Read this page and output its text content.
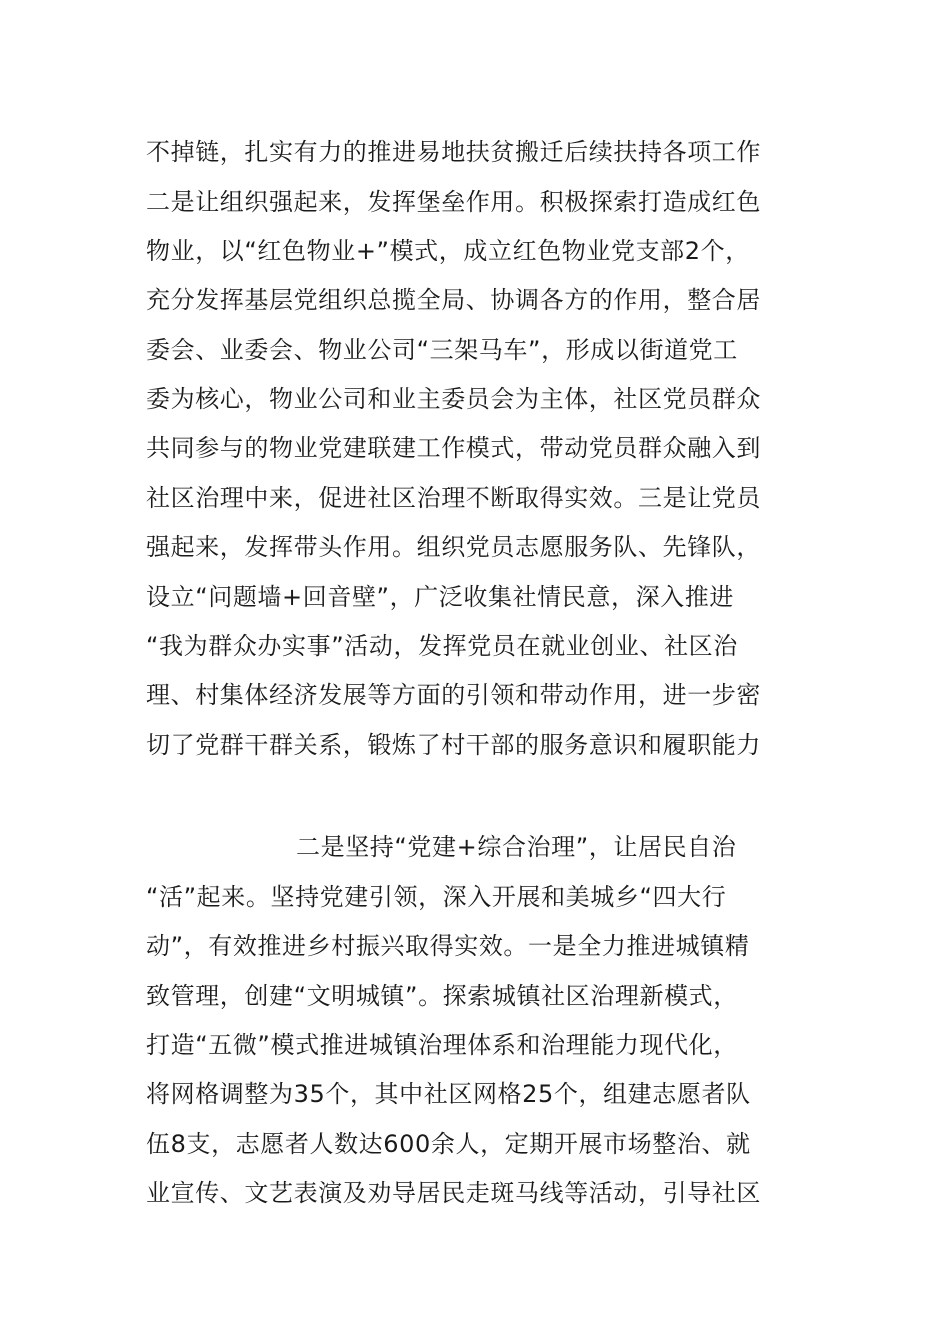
不掉链，扎实有力的推进易地扶贫搬迁后续扶持各项工作
二是让组织强起来，发挥堡垒作用。积极探索打造成红色
物业，以“红色物业+”模式，成立红色物业党支部2个，
充分发挥基层党组织总揽全局、协调各方的作用，整合居
委会、业委会、物业公司“三架马车”，形成以街道党工
委为核心，物业公司和业主委员会为主体，社区党员群众
共同参与的物业党建联建工作模式，带动党员群众融入到
社区治理中来，促进社区治理不断取得实效。三是让党员
强起来，发挥带头作用。组织党员志愿服务队、先锋队，
设立“问题墙+回音壁”，广泛收集社情民意，深入推进
“我为群众办实事”活动，发挥党员在就业创业、社区治
理、村集体经济发展等方面的引领和带动作用，进一步密
切了党群干群关系，锻炼了村干部的服务意识和履职能力
二是坚持“党建+综合治理”，让居民自治
“活”起来。坚持党建引领，深入开展和美城乡“四大行
动”，有效推进乡村振兴取得实效。一是全力推进城镇精
致管理，创建“文明城镇”。探索城镇社区治理新模式，
打造“五微”模式推进城镇治理体系和治理能力现代化，
将网格调整为35个，其中社区网格25个，组建志愿者队
伍8支，志愿者人数达600余人，定期开展市场整治、就
业宣传、文艺表演及劝导居民走斑马线等活动，引导社区
